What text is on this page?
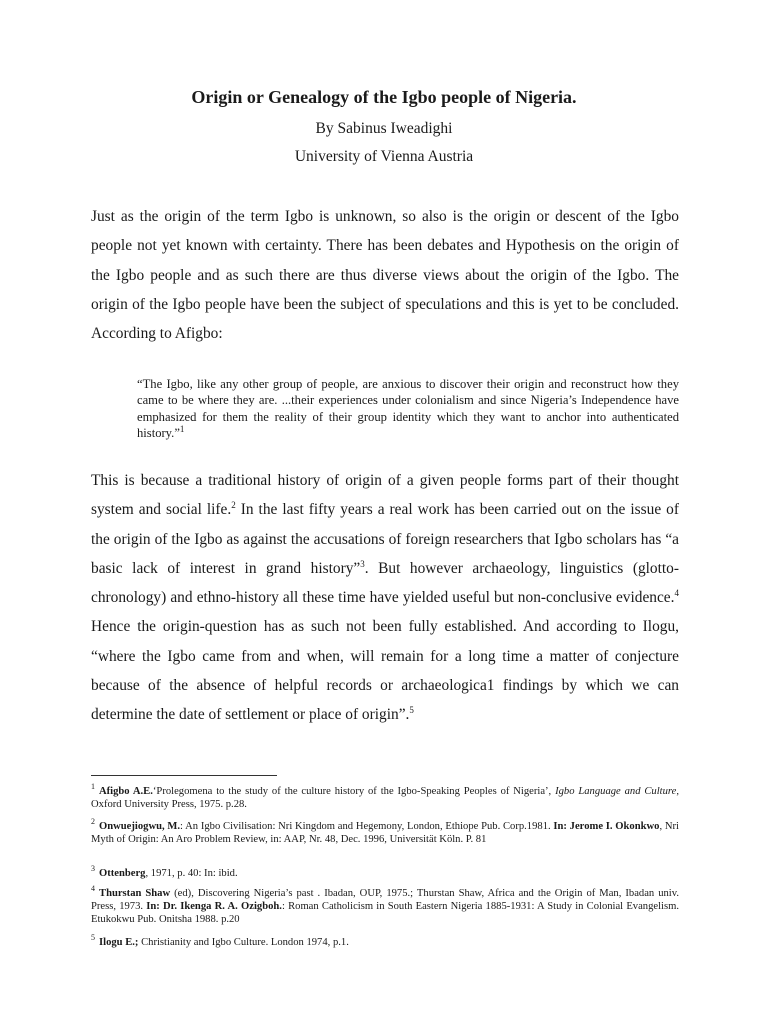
Origin or Genealogy of the Igbo people of Nigeria.
By Sabinus Iweadighi
University of Vienna Austria
Just as the origin of the term Igbo is unknown, so also is the origin or descent of the Igbo people not yet known with certainty. There has been debates and Hypothesis on the origin of the Igbo people and as such there are thus diverse views about the origin of the Igbo. The origin of the Igbo people have been the subject of speculations and this is yet to be concluded. According to Afigbo:
“The Igbo, like any other group of people, are anxious to discover their origin and reconstruct how they came to be where they are. ...their experiences under colonialism and since Nigeria’s Independence have emphasized for them the reality of their group identity which they want to anchor into authenticated history.”$^1$
This is because a traditional history of origin of a given people forms part of their thought system and social life.$^2$ In the last fifty years a real work has been carried out on the issue of the origin of the Igbo as against the accusations of foreign researchers that Igbo scholars has “a basic lack of interest in grand history”$^3$. But however archaeology, linguistics (glotto-chronology) and ethno-history all these time have yielded useful but non-conclusive evidence.$^4$ Hence the origin-question has as such not been fully established. And according to Ilogu, “where the Igbo came from and when, will remain for a long time a matter of conjecture because of the absence of helpful records or archaeologica1 findings by which we can determine the date of settlement or place of origin”.$^5$
$^1$ Afigbo A.E.‘Prolegomena to the study of the culture history of the Igbo-Speaking Peoples of Nigeria’, Igbo Language and Culture, Oxford University Press, 1975. p.28.
$^2$ Onwuejiogwu, M.: An Igbo Civilisation: Nri Kingdom and Hegemony, London, Ethiope Pub. Corp.1981. In: Jerome I. Okonkwo, Nri Myth of Origin: An Aro Problem Review, in: AAP, Nr. 48, Dec. 1996, Universität Köln. P. 81
$^3$ Ottenberg, 1971, p. 40: In: ibid.
$^4$ Thurstan Shaw (ed), Discovering Nigeria’s past . Ibadan, OUP, 1975.; Thurstan Shaw, Africa and the Origin of Man, Ibadan univ. Press, 1973. In: Dr. Ikenga R. A. Ozigboh.: Roman Catholicism in South Eastern Nigeria 1885-1931: A Study in Colonial Evangelism. Etukokwu Pub. Onitsha 1988. p.20
$^5$ Ilogu E.; Christianity and Igbo Culture. London 1974, p.1.
